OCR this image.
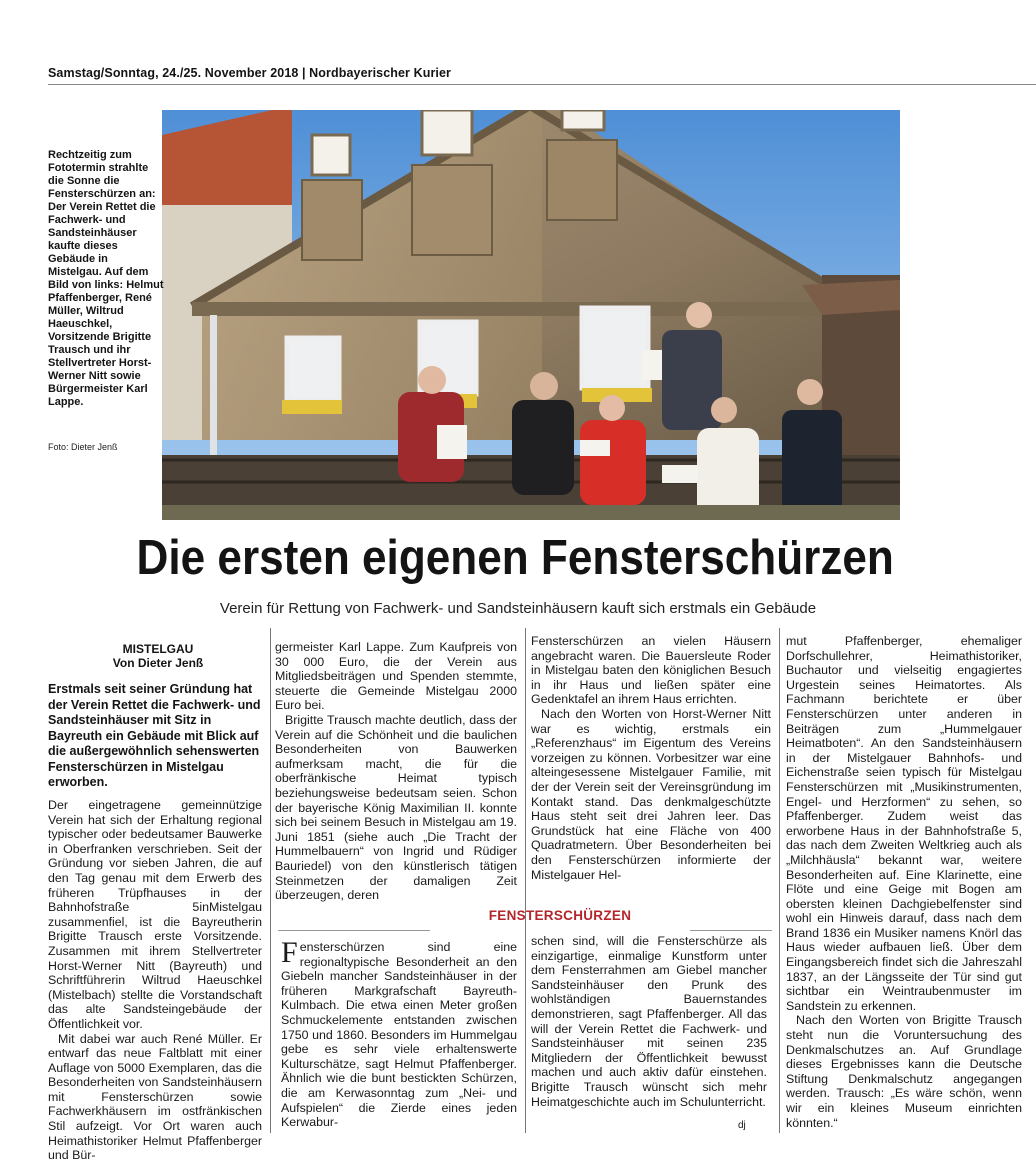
Samstag/Sonntag, 24./25. November 2018 | Nordbayerischer Kurier
Rechtzeitig zum Fototermin strahlte die Sonne die Fensterschürzen an: Der Verein Rettet die Fachwerk- und Sandsteinhäuser kaufte dieses Gebäude in Mistelgau. Auf dem Bild von links: Helmut Pfaffenberger, René Müller, Wiltrud Haeuschkel, Vorsitzende Brigitte Trausch und ihr Stellvertreter Horst-Werner Nitt sowie Bürgermeister Karl Lappe.
Foto: Dieter Jenß
Die ersten eigenen Fensterschürzen
Verein für Rettung von Fachwerk- und Sandsteinhäusern kauft sich erstmals ein Gebäude
MISTELGAU
Von Dieter Jenß
Erstmals seit seiner Gründung hat der Verein Rettet die Fachwerk- und Sandsteinhäuser mit Sitz in Bayreuth ein Gebäude mit Blick auf die außergewöhnlich sehenswerten Fensterschürzen in Mistelgau erworben.

Der eingetragene gemeinnützige Verein hat sich der Erhaltung regional typischer oder bedeutsamer Bauwerke in Oberfranken verschrieben. Seit der Gründung vor sieben Jahren, die auf den Tag genau mit dem Erwerb des früheren Trüpfhauses in der Bahnhofstraße 5inMistelgau zusammenfiel, ist die Bayreutherin Brigitte Trausch erste Vorsitzende. Zusammen mit ihrem Stellvertreter Horst-Werner Nitt (Bayreuth) und Schriftführerin Wiltrud Haeuschkel (Mistelbach) stellte die Vorstandschaft das alte Sandsteingebäude der Öffentlichkeit vor.

Mit dabei war auch René Müller. Er entwarf das neue Faltblatt mit einer Auflage von 5000 Exemplaren, das die Besonderheiten von Sandsteinhäusern mit Fensterschürzen sowie Fachwerkhäusern im ostfränkischen Stil aufzeigt. Vor Ort waren auch Heimathistoriker Helmut Pfaffenberger und Bür-

germeister Karl Lappe. Zum Kaufpreis von 30 000 Euro, die der Verein aus Mitgliedsbeiträgen und Spenden stemmte, steuerte die Gemeinde Mistelgau 2000 Euro bei.

Brigitte Trausch machte deutlich, dass der Verein auf die Schönheit und die baulichen Besonderheiten von Bauwerken aufmerksam macht, die für die oberfränkische Heimat typisch beziehungsweise bedeutsam seien. Schon der bayerische König Maximilian II. konnte sich bei seinem Besuch in Mistelgau am 19. Juni 1851 (siehe auch „Die Tracht der Hummelbauern“ von Ingrid und Rüdiger Bauriedel) von den künstlerisch tätigen Steinmetzen der damaligen Zeit überzeugen, deren

Fensterschürzen an vielen Häusern angebracht waren. Die Bauersleute Roder in Mistelgau baten den königlichen Besuch in ihr Haus und ließen später eine Gedenktafel an ihrem Haus errichten.

Nach den Worten von Horst-Werner Nitt war es wichtig, erstmals ein „Referenzhaus“ im Eigentum des Vereins vorzeigen zu können. Vorbesitzer war eine alteingesessene Mistelgauer Familie, mit der der Verein seit der Vereinsgründung im Kontakt stand. Das denkmalgeschützte Haus steht seit drei Jahren leer. Das Grundstück hat eine Fläche von 400 Quadratmetern. Über Besonderheiten bei den Fensterschürzen informierte der Mistelgauer Hel-

mut Pfaffenberger, ehemaliger Dorfschullehrer, Heimathistoriker, Buchautor und vielseitig engagiertes Urgestein seines Heimatortes. Als Fachmann berichtete er über Fensterschürzen unter anderen in Beiträgen zum „Hummelgauer Heimatboten“. An den Sandsteinhäusern in der Mistelgauer Bahnhofs- und Eichenstraße seien typisch für Mistelgau Fensterschürzen mit „Musikinstrumenten, Engel- und Herzformen“ zu sehen, so Pfaffenberger. Zudem weist das erworbene Haus in der Bahnhofstraße 5, das nach dem Zweiten Weltkrieg auch als „Milchhäusla“ bekannt war, weitere Besonderheiten auf. Eine Klarinette, eine Flöte und eine Geige mit Bogen am obersten kleinen Dachgiebelfenster sind wohl ein Hinweis darauf, dass nach dem Brand 1836 ein Musiker namens Knörl das Haus wieder aufbauen ließ. Über dem Eingangsbereich findet sich die Jahreszahl 1837, an der Längsseite der Tür sind gut sichtbar ein Weintraubenmuster im Sandstein zu erkennen.

Nach den Worten von Brigitte Trausch steht nun die Voruntersuchung des Denkmalschutzes an. Auf Grundlage dieses Ergebnisses kann die Deutsche Stiftung Denkmalschutz angegangen werden. Trausch: „Es wäre schön, wenn wir ein kleines Museum einrichten könnten.“

FENSTERSCHÜRZEN

Fensterschürzen sind eine regionaltypische Besonderheit an den Giebeln mancher Sandsteinhäuser in der früheren Markgrafschaft Bayreuth-Kulmbach. Die etwa einen Meter großen Schmuckelemente entstanden zwischen 1750 und 1860. Besonders im Hummelgau gebe es sehr viele erhaltenswerte Kulturschätze, sagt Helmut Pfaffenberger. Ähnlich wie die bunt bestickten Schürzen, die am Kerwasonntag zum „Nei- und Aufspielen“ die Zierde eines jeden Kerwabur-

schen sind, will die Fensterschürze als einzigartige, einmalige Kunstform unter dem Fensterrahmen am Giebel mancher Sandsteinhäuser den Prunk des wohlständigen Bauernstandes demonstrieren, sagt Pfaffenberger. All das will der Verein Rettet die Fachwerk- und Sandsteinhäuser mit seinen 235 Mitgliedern der Öffentlichkeit bewusst machen und auch aktiv dafür einstehen. Brigitte Trausch wünscht sich mehr Heimatgeschichte auch im Schulunterricht.

dj
